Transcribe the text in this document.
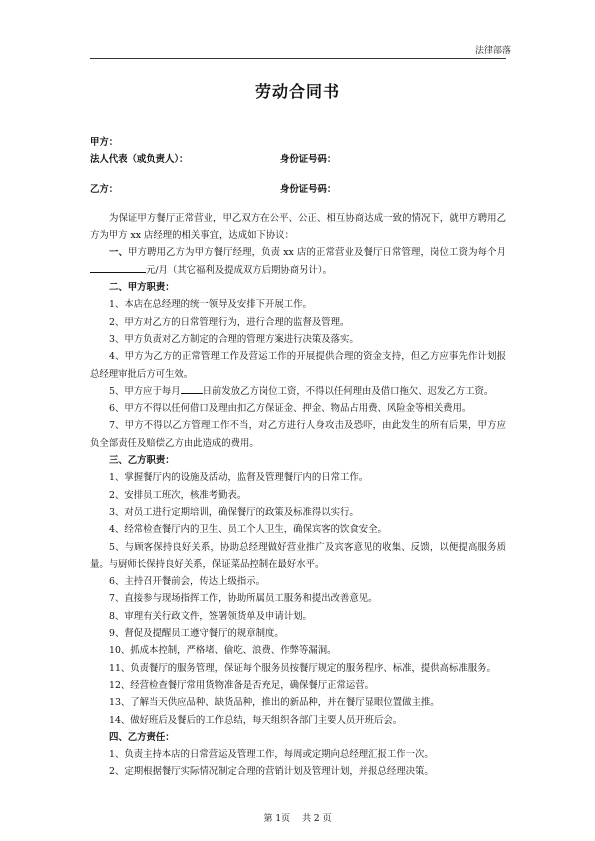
法律部落
劳动合同书
甲方：
法人代表（或负责人）：	身份证号码：
乙方：	身份证号码：

为保证甲方餐厅正常营业，甲乙双方在公平、公正、相互协商达成一致的情况下，就甲方聘用乙方为甲方 xx 店经理的相关事宜，达成如下协议：

一、甲方聘用乙方为甲方餐厅经理，负责 xx 店的正常营业及餐厅日常管理，岗位工资为每个月元/月（其它福利及提成双方后期协商另计）。

二、甲方职责：

1、本店在总经理的统一领导及安排下开展工作。

2、甲方对乙方的日常管理行为，进行合理的监督及管理。

3、甲方负责对乙方制定的合理的管理方案进行决策及落实。

4、甲方为乙方的正常管理工作及营运工作的开展提供合理的资金支持，但乙方应事先作计划报总经理审批后方可生效。

5、甲方应于每月 日前发放乙方岗位工资，不得以任何理由及借口拖欠、迟发乙方工资。

6、甲方不得以任何借口及理由扣乙方保证金、押金、物品占用费、风险金等相关费用。

7、甲方不得以乙方管理工作不当，对乙方进行人身攻击及恐吓，由此发生的所有后果，甲方应负全部责任及赔偿乙方由此造成的费用。

三、乙方职责：

1、掌握餐厅内的设施及活动，监督及管理餐厅内的日常工作。

2、安排员工班次，核准考勤表。

3、对员工进行定期培训，确保餐厅的政策及标准得以实行。

4、经常检查餐厅内的卫生、员工个人卫生，确保宾客的饮食安全。

5、与顾客保持良好关系，协助总经理做好营业推广及宾客意见的收集、反馈，以便提高服务质量。与厨师长保持良好关系，保证菜品控制在最好水平。

6、主持召开餐前会，传达上级指示。

7、直接参与现场指挥工作，协助所属员工服务和提出改善意见。

8、审理有关行政文件，签署领货单及申请计划。

9、督促及提醒员工遵守餐厅的规章制度。

10、抓成本控制，严格堵、偷吃、浪费、作弊等漏洞。

11、负责餐厅的服务管理，保证每个服务员按餐厅规定的服务程序、标准，提供高标准服务。

12、经营检查餐厅常用货物准备是否充足，确保餐厅正常运营。

13、了解当天供应品种、缺货品种，推出的新品种，并在餐厅显眼位置做主推。

14、做好班后及餐后的工作总结，每天组织各部门主要人员开班后会。

四、乙方责任：

1、负责主持本店的日常营运及管理工作，每周或定期向总经理汇报工作一次。

2、定期根据餐厅实际情况制定合理的营销计划及管理计划，并报总经理决策。

第 1页 共 2 页
